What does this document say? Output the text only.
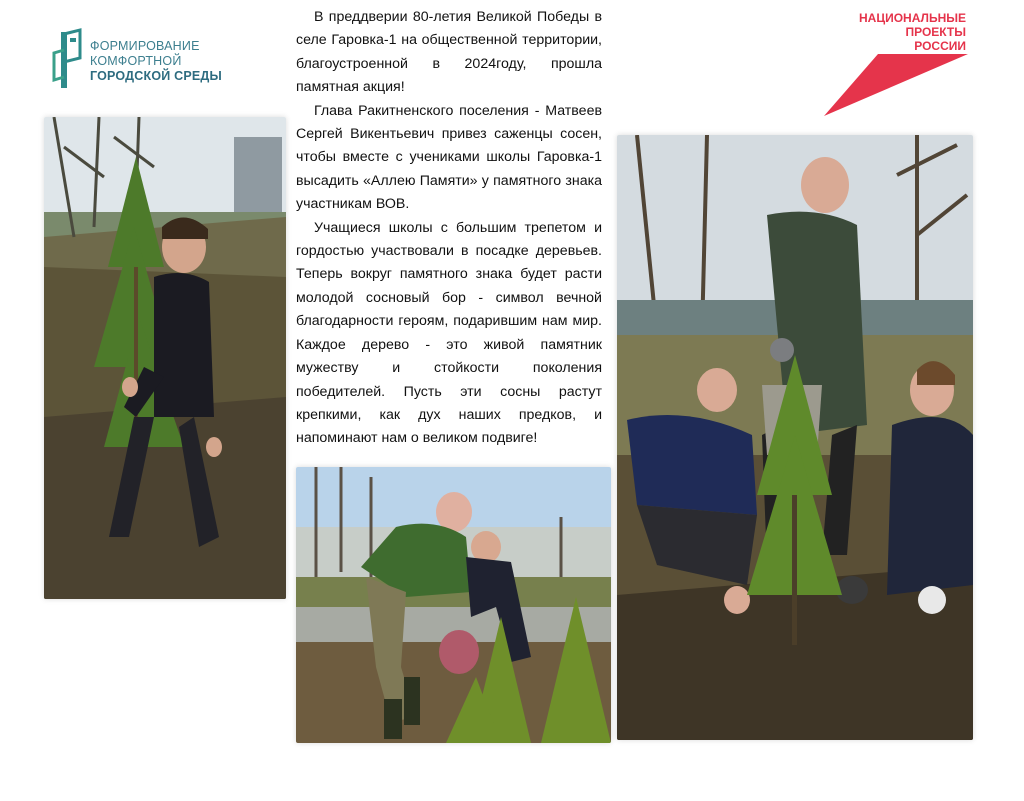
ФОРМИРОВАНИЕ
КОМФОРТНОЙ
ГОРОДСКОЙ СРЕДЫ
НАЦИОНАЛЬНЫЕ
ПРОЕКТЫ
РОССИИ

В преддверии 80-летия Великой Победы в селе Гаровка-1 на общественной территории, благоустроенной в 2024году, прошла памятная акция!

Глава Ракитненского поселения - Матвеев Сергей Викентьевич привез саженцы сосен, чтобы вместе с учениками школы Гаровка-1 высадить «Аллею Памяти» у памятного знака участникам ВОВ.

Учащиеся школы с большим трепетом и гордостью участвовали в посадке деревьев. Теперь вокруг памятного знака будет расти молодой сосновый бор - символ вечной благодарности героям, подарившим нам мир. Каждое дерево - это живой памятник мужеству и стойкости поколения победителей. Пусть эти сосны растут крепкими, как дух наших предков, и напоминают нам о великом подвиге!
